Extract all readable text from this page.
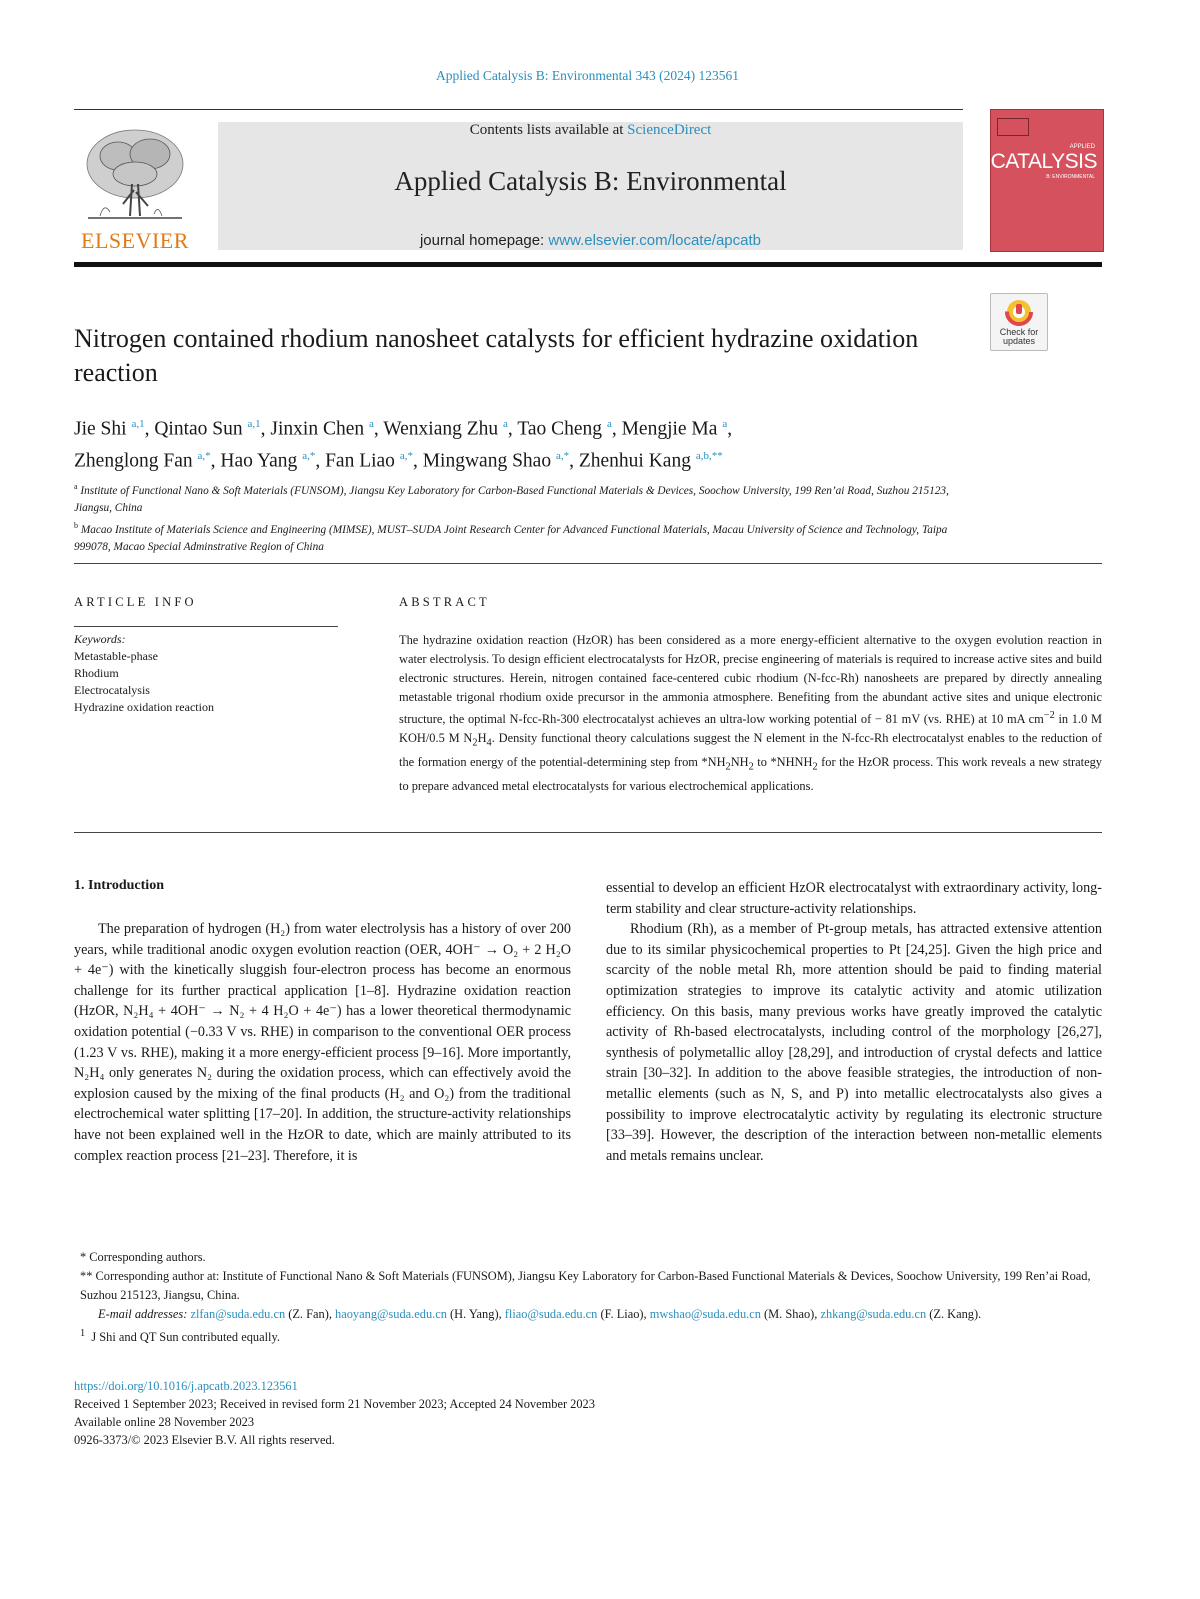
Applied Catalysis B: Environmental 343 (2024) 123561
ELSEVIER
Contents lists available at ScienceDirect
Applied Catalysis B: Environmental
journal homepage: www.elsevier.com/locate/apcatb
APPLIED
CATALYSIS
B: ENVIRONMENTAL
Check for updates
Nitrogen contained rhodium nanosheet catalysts for efficient hydrazine oxidation reaction
Jie Shi $^{a,1}$, Qintao Sun $^{a,1}$, Jinxin Chen $^a$, Wenxiang Zhu $^a$, Tao Cheng $^a$, Mengjie Ma $^a$,
Zhenglong Fan $^{a,*}$, Hao Yang $^{a,*}$, Fan Liao $^{a,*}$, Mingwang Shao $^{a,*}$, Zhenhui Kang $^{a,b,**}$
$^a$ Institute of Functional Nano & Soft Materials (FUNSOM), Jiangsu Key Laboratory for Carbon-Based Functional Materials & Devices, Soochow University, 199 Ren’ai Road, Suzhou 215123, Jiangsu, China
$^b$ Macao Institute of Materials Science and Engineering (MIMSE), MUST–SUDA Joint Research Center for Advanced Functional Materials, Macau University of Science and Technology, Taipa 999078, Macao Special Adminstrative Region of China
ARTICLE INFO	ABSTRACT
Keywords:
Metastable-phase
Rhodium
Electrocatalysis
Hydrazine oxidation reaction
The hydrazine oxidation reaction (HzOR) has been considered as a more energy-efficient alternative to the oxygen evolution reaction in water electrolysis. To design efficient electrocatalysts for HzOR, precise engineering of materials is required to increase active sites and build electronic structures. Herein, nitrogen contained face-centered cubic rhodium (N-fcc-Rh) nanosheets are prepared by directly annealing metastable trigonal rhodium oxide precursor in the ammonia atmosphere. Benefiting from the abundant active sites and unique electronic structure, the optimal N-fcc-Rh-300 electrocatalyst achieves an ultra-low working potential of − 81 mV (vs. RHE) at 10 mA $cm^{-2}$ in 1.0 M KOH/0.5 M $N_2H_4$. Density functional theory calculations suggest the N element in the N-fcc-Rh electrocatalyst enables to the reduction of the formation energy of the potential-determining step from $*NH_2NH_2$ to $*NHNH_2$ for the HzOR process. This work reveals a new strategy to prepare advanced metal electrocatalysts for various electrochemical applications.
1. Introduction

The preparation of hydrogen (H₂) from water electrolysis has a history of over 200 years, while traditional anodic oxygen evolution reaction (OER, 4OH⁻ → O₂ + 2 H₂O + 4e⁻) with the kinetically sluggish four-electron process has become an enormous challenge for its further practical application [1–8]. Hydrazine oxidation reaction (HzOR, N₂H₄ + 4OH⁻ → N₂ + 4 H₂O + 4e⁻) has a lower theoretical thermodynamic oxidation potential (−0.33 V vs. RHE) in comparison to the conventional OER process (1.23 V vs. RHE), making it a more energy-efficient process [9–16]. More importantly, N₂H₄ only generates N₂ during the oxidation process, which can effectively avoid the explosion caused by the mixing of the final products (H₂ and O₂) from the traditional electrochemical water splitting [17–20]. In addition, the structure-activity relationships have not been explained well in the HzOR to date, which are mainly attributed to its complex reaction process [21–23]. Therefore, it is

essential to develop an efficient HzOR electrocatalyst with extraordinary activity, long-term stability and clear structure-activity relationships.

Rhodium (Rh), as a member of Pt-group metals, has attracted extensive attention due to its similar physicochemical properties to Pt [24,25]. Given the high price and scarcity of the noble metal Rh, more attention should be paid to finding material optimization strategies to improve its catalytic activity and atomic utilization efficiency. On this basis, many previous works have greatly improved the catalytic activity of Rh-based electrocatalysts, including control of the morphology [26,27], synthesis of polymetallic alloy [28,29], and introduction of crystal defects and lattice strain [30–32]. In addition to the above feasible strategies, the introduction of non-metallic elements (such as N, S, and P) into metallic electrocatalysts also gives a possibility to improve electrocatalytic activity by regulating its electronic structure [33–39]. However, the description of the interaction between non-metallic elements and metals remains unclear.

* Corresponding authors.

** Corresponding author at: Institute of Functional Nano & Soft Materials (FUNSOM), Jiangsu Key Laboratory for Carbon-Based Functional Materials & Devices, Soochow University, 199 Ren’ai Road, Suzhou 215123, Jiangsu, China.

E-mail addresses: zlfan@suda.edu.cn (Z. Fan), haoyang@suda.edu.cn (H. Yang), fliao@suda.edu.cn (F. Liao), mwshao@suda.edu.cn (M. Shao), zhkang@suda.edu.cn (Z. Kang).

$^1$ J Shi and QT Sun contributed equally.

https://doi.org/10.1016/j.apcatb.2023.123561

Received 1 September 2023; Received in revised form 21 November 2023; Accepted 24 November 2023

Available online 28 November 2023

0926-3373/© 2023 Elsevier B.V. All rights reserved.
